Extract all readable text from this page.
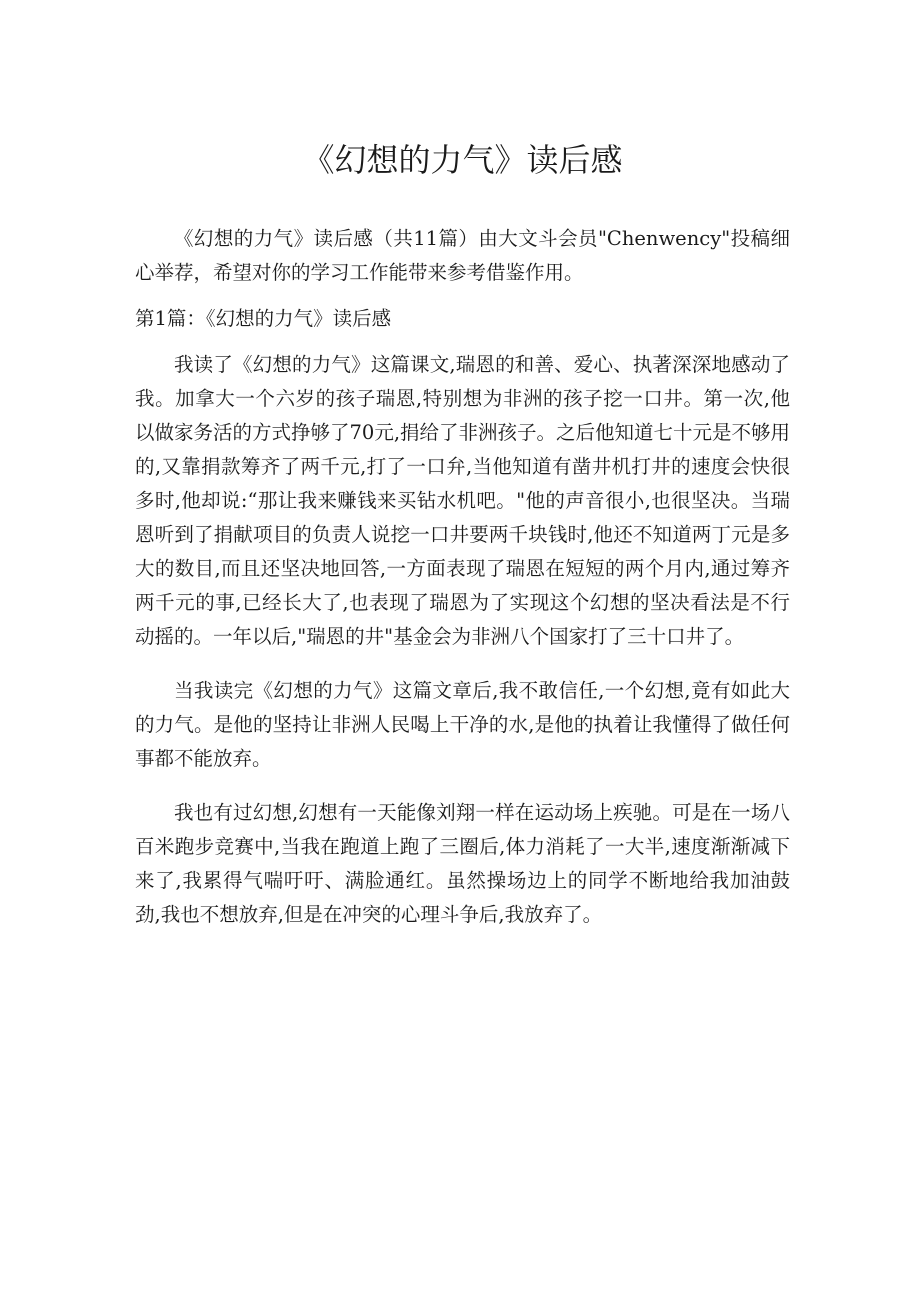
《幻想的力气》读后感

《幻想的力气》读后感（共11篇）由大文斗会员"Chenwency"投稿细心举荐，希望对你的学习工作能带来参考借鉴作用。

第1篇：《幻想的力气》读后感

我读了《幻想的力气》这篇课文,瑞恩的和善、爱心、执著深深地感动了我。加拿大一个六岁的孩子瑞恩,特别想为非洲的孩子挖一口井。第一次,他以做家务活的方式挣够了70元,捐给了非洲孩子。之后他知道七十元是不够用的,又靠捐款筹齐了两千元,打了一口弁,当他知道有凿井机打井的速度会快很多时,他却说:“那让我来赚钱来买钻水机吧。"他的声音很小,也很坚决。当瑞恩听到了捐献项目的负责人说挖一口井要两千块钱时,他还不知道两丁元是多大的数目,而且还坚决地回答,一方面表现了瑞恩在短短的两个月内,通过筹齐两千元的事,已经长大了,也表现了瑞恩为了实现这个幻想的坚决看法是不行动摇的。一年以后,"瑞恩的井"基金会为非洲八个国家打了三十口井了。

当我读完《幻想的力气》这篇文章后,我不敢信任,一个幻想,竟有如此大的力气。是他的坚持让非洲人民喝上干净的水,是他的执着让我懂得了做任何事都不能放弃。

我也有过幻想,幻想有一天能像刘翔一样在运动场上疾驰。可是在一场八百米跑步竞赛中,当我在跑道上跑了三圈后,体力消耗了一大半,速度渐渐减下来了,我累得气喘吁吁、满脸通红。虽然操场边上的同学不断地给我加油鼓劲,我也不想放弃,但是在冲突的心理斗争后,我放弃了。
